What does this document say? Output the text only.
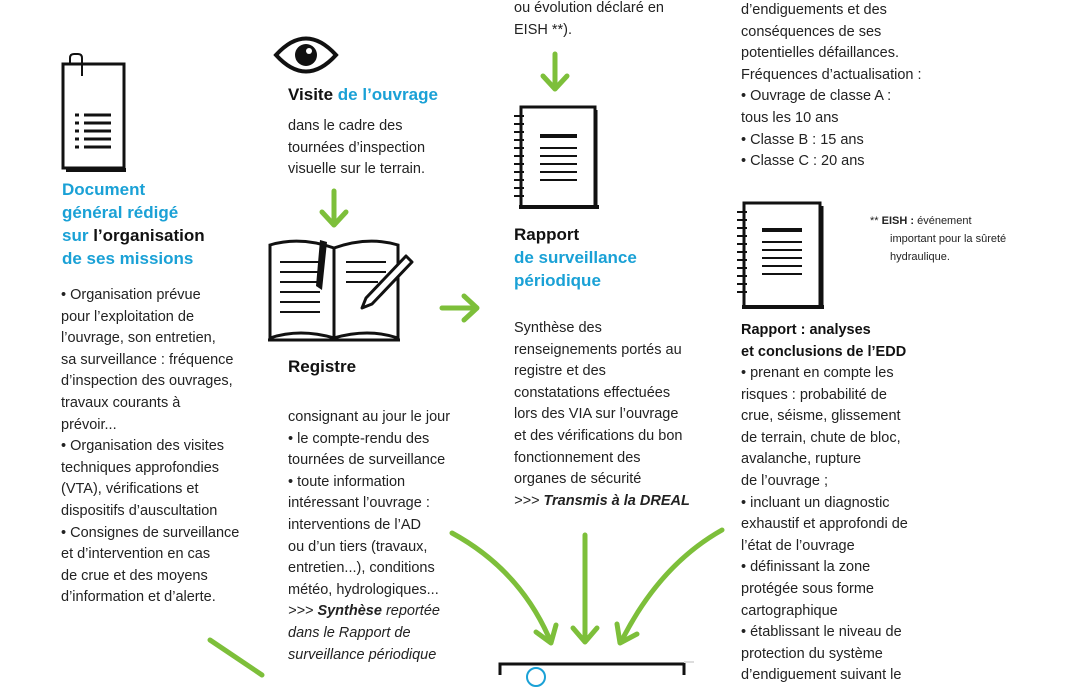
ou évolution déclaré en
EISH **).
d’endiguements et des
conséquences de ses
potentielles défaillances.
Fréquences d’actualisation :
• Ouvrage de classe A :
tous les 10 ans
• Classe B : 15 ans
• Classe C : 20 ans
Document
général rédigé
sur l’organisation
de ses missions
• Organisation prévue
pour l’exploitation de
l’ouvrage, son entretien,
sa surveillance : fréquence
d’inspection des ouvrages,
travaux courants à
prévoir...
• Organisation des visites
techniques approfondies
(VTA), vérifications et
dispositifs d’auscultation
• Consignes de surveillance
et d’intervention en cas
de crue et des moyens
d’information et d’alerte.
Visite de l’ouvrage
dans le cadre des
tournées d’inspection
visuelle sur le terrain.
Registre
consignant au jour le jour
• le compte-rendu des
tournées de surveillance
• toute information
intéressant l’ouvrage :
interventions de l’AD
ou d’un tiers (travaux,
entretien...), conditions
météo, hydrologiques...
>>> Synthèse reportée
dans le Rapport de
surveillance périodique
Rapport
de surveillance
périodique
Synthèse des
renseignements portés au
registre et des
constatations effectuées
lors des VIA sur l’ouvrage
et des vérifications du bon
fonctionnement des
organes de sécurité
>>> Transmis à la DREAL
Rapport : analyses
et conclusions de l’EDD
• prenant en compte les
risques : probabilité de
crue, séisme, glissement
de terrain, chute de bloc,
avalanche, rupture
de l’ouvrage ;
• incluant un diagnostic
exhaustif et approfondi de
l’état de l’ouvrage
• définissant la zone
protégée sous forme
cartographique
• établissant le niveau de
protection du système
d’endiguement suivant le
** EISH : événement
important pour la sûreté
hydraulique.
